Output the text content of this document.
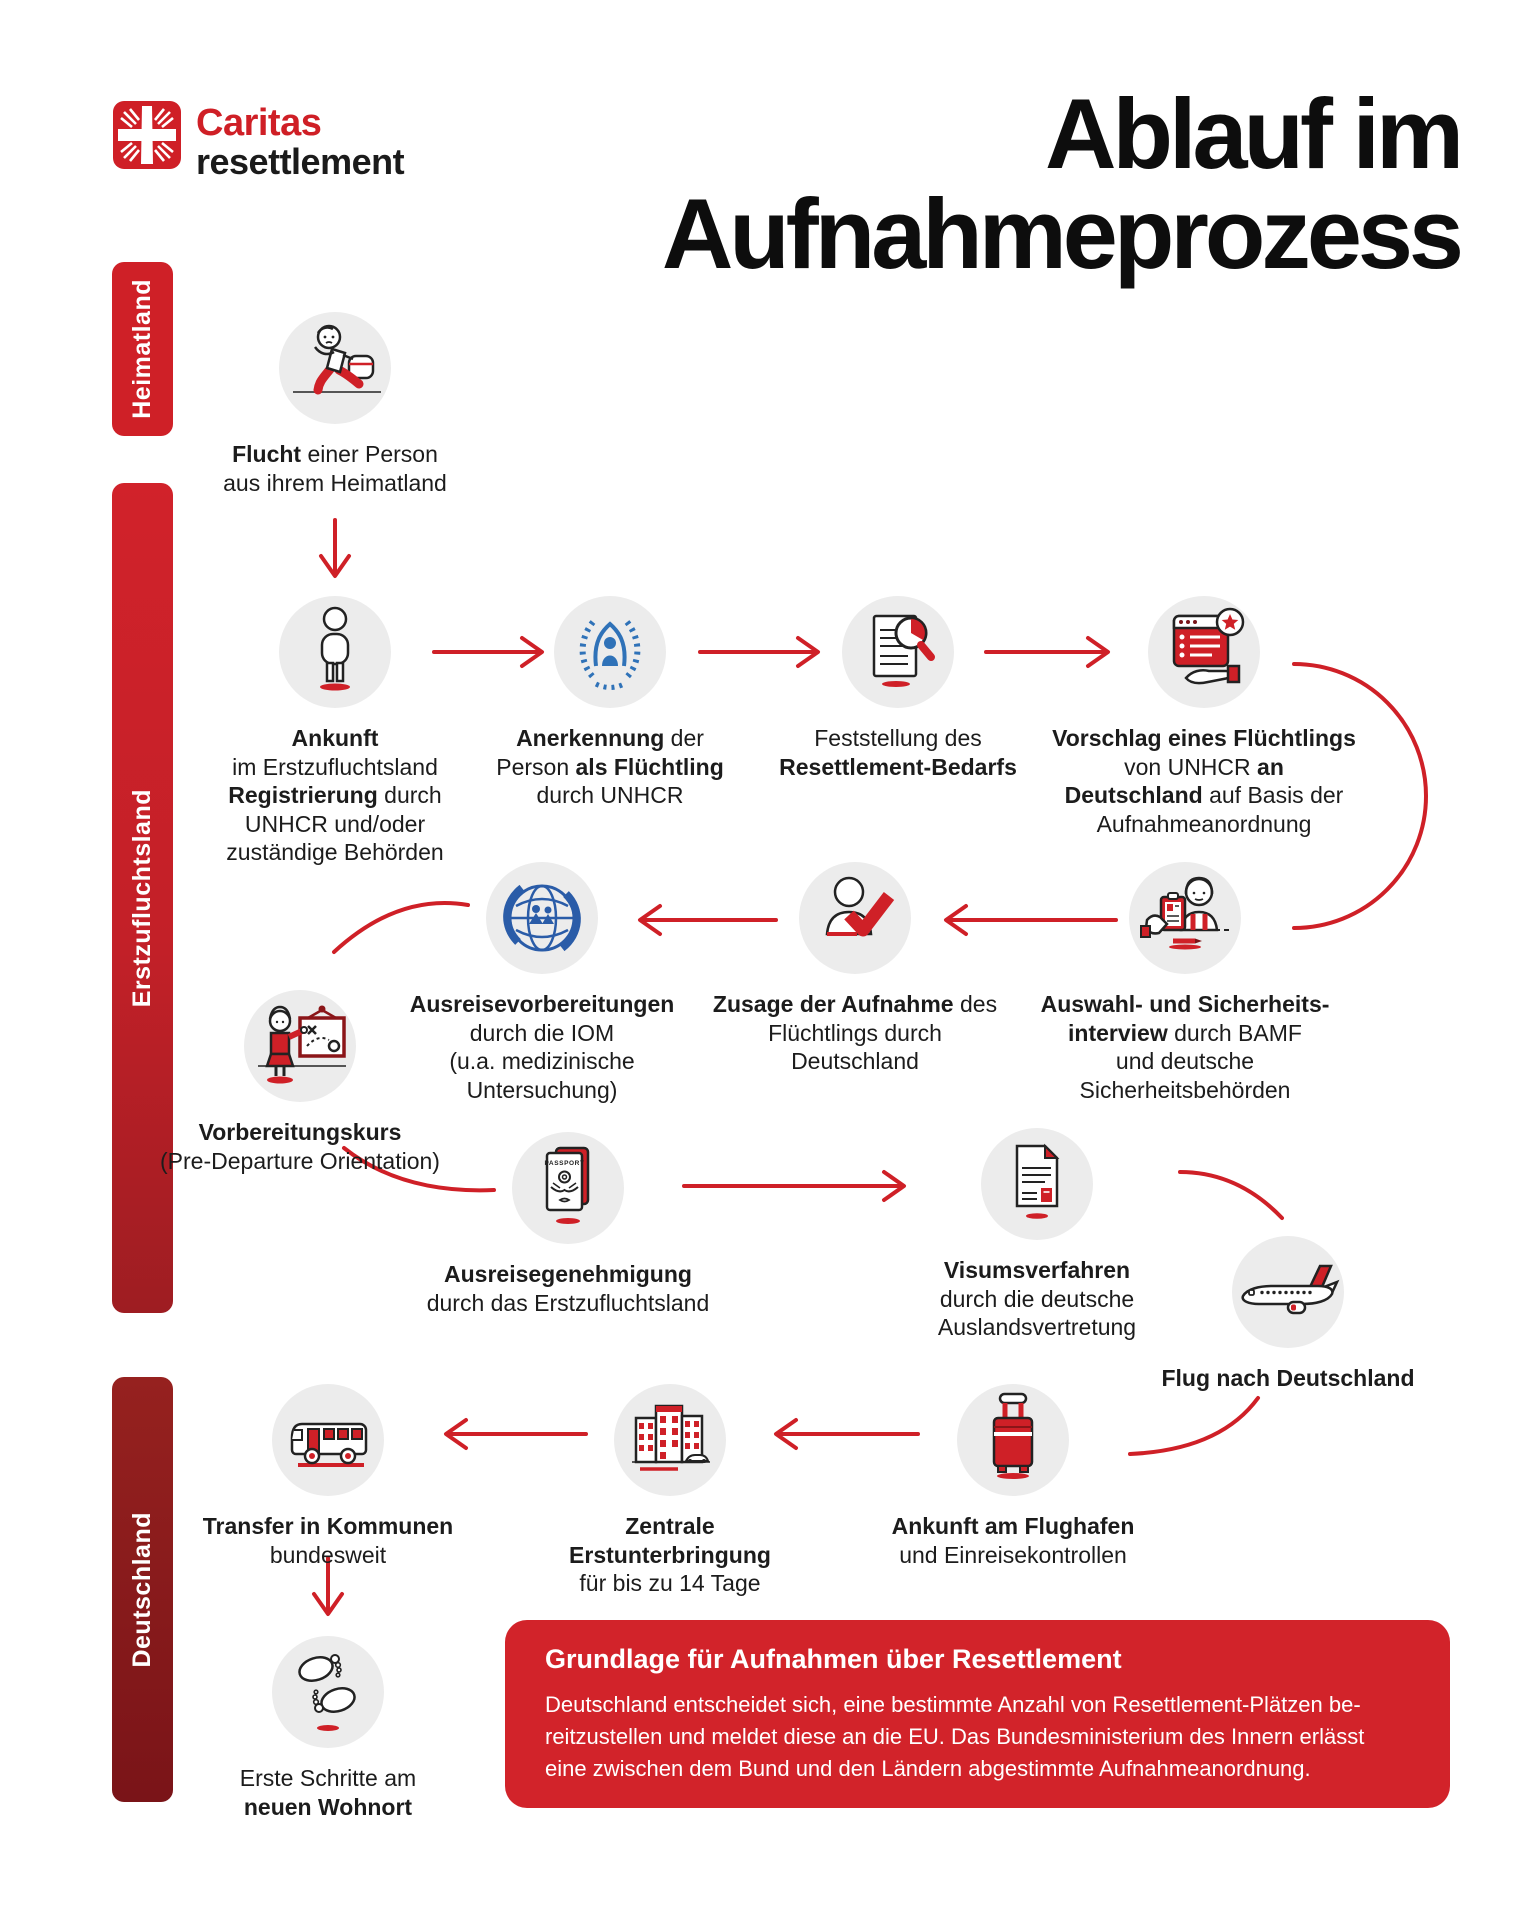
Caritas
resettlement	Ablauf im
Aufnahmeprozess
Heimatland
Erstzufluchtsland
Deutschland
Flucht einer Person
aus ihrem Heimatland
Ankunft
im Erstzufluchtsland
Registrierung durch
UNHCR und/oder
zuständige Behörden
Anerkennung der
Person als Flüchtling
durch UNHCR
Feststellung des
Resettlement-Bedarfs
Vorschlag eines Flüchtlings
von UNHCR an
Deutschland auf Basis der
Aufnahmeanordnung
Auswahl- und Sicherheits-
interview durch BAMF
und deutsche
Sicherheitsbehörden
Zusage der Aufnahme des
Flüchtlings durch
Deutschland
Ausreisevorbereitungen
durch die IOM
(u.a. medizinische
Untersuchung)
Vorbereitungskurs
(Pre-Departure Orientation)	PASSPORT
Ausreisegenehmigung
durch das Erstzufluchtsland
Visumsverfahren
durch die deutsche
Auslandsvertretung
Flug nach Deutschland
Ankunft am Flughafen
und Einreisekontrollen
Zentrale
Erstunterbringung
für bis zu 14 Tage
Transfer in Kommunen
bundesweit
Erste Schritte am
neuen Wohnort
Grundlage für Aufnahmen über Resettlement
Deutschland entscheidet sich, eine bestimmte Anzahl von Resettlement-Plätzen be-
reitzustellen und meldet diese an die EU. Das Bundesministerium des Innern erlässt
eine zwischen dem Bund und den Ländern abgestimmte Aufnahmeanordnung.
